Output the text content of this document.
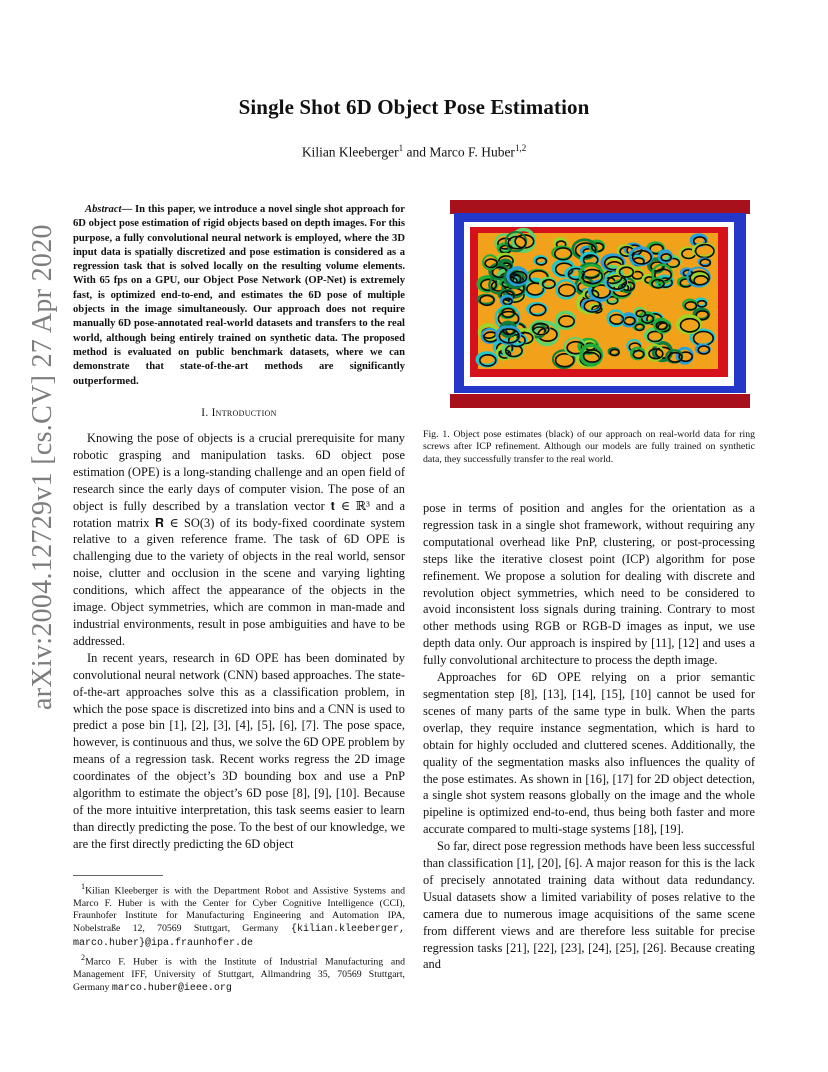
Single Shot 6D Object Pose Estimation
Kilian Kleeberger$^1$ and Marco F. Huber$^{1,2}$
arXiv:2004.12729v1 [cs.CV] 27 Apr 2020
Abstract— In this paper, we introduce a novel single shot approach for 6D object pose estimation of rigid objects based on depth images. For this purpose, a fully convolutional neural network is employed, where the 3D input data is spatially discretized and pose estimation is considered as a regression task that is solved locally on the resulting volume elements. With 65 fps on a GPU, our Object Pose Network (OP-Net) is extremely fast, is optimized end-to-end, and estimates the 6D pose of multiple objects in the image simultaneously. Our approach does not require manually 6D pose-annotated real-world datasets and transfers to the real world, although being entirely trained on synthetic data. The proposed method is evaluated on public benchmark datasets, where we can demonstrate that state-of-the-art methods are significantly outperformed.
I. Introduction

Knowing the pose of objects is a crucial prerequisite for many robotic grasping and manipulation tasks. 6D object pose estimation (OPE) is a long-standing challenge and an open field of research since the early days of computer vision. The pose of an object is fully described by a translation vector 𝐭 ∈ ℝ³ and a rotation matrix 𝐑 ∈ SO(3) of its body-fixed coordinate system relative to a given reference frame. The task of 6D OPE is challenging due to the variety of objects in the real world, sensor noise, clutter and occlusion in the scene and varying lighting conditions, which affect the appearance of the objects in the image. Object symmetries, which are common in man-made and industrial environments, result in pose ambiguities and have to be addressed.

In recent years, research in 6D OPE has been dominated by convolutional neural network (CNN) based approaches. The state-of-the-art approaches solve this as a classification problem, in which the pose space is discretized into bins and a CNN is used to predict a pose bin [1], [2], [3], [4], [5], [6], [7]. The pose space, however, is continuous and thus, we solve the 6D OPE problem by means of a regression task. Recent works regress the 2D image coordinates of the object’s 3D bounding box and use a PnP algorithm to estimate the object’s 6D pose [8], [9], [10]. Because of the more intuitive interpretation, this task seems easier to learn than directly predicting the pose. To the best of our knowledge, we are the first directly predicting the 6D object

$^1$Kilian Kleeberger is with the Department Robot and Assistive Systems and Marco F. Huber is with the Center for Cyber Cognitive Intelligence (CCI), Fraunhofer Institute for Manufacturing Engineering and Automation IPA, Nobelstraße 12, 70569 Stuttgart, Germany {kilian.kleeberger, marco.huber}@ipa.fraunhofer.de

$^2$Marco F. Huber is with the Institute of Industrial Manufacturing and Management IFF, University of Stuttgart, Allmandring 35, 70569 Stuttgart, Germany marco.huber@ieee.org

Fig. 1. Object pose estimates (black) of our approach on real-world data for ring screws after ICP refinement. Although our models are fully trained on synthetic data, they successfully transfer to the real world.

pose in terms of position and angles for the orientation as a regression task in a single shot framework, without requiring any computational overhead like PnP, clustering, or post-processing steps like the iterative closest point (ICP) algorithm for pose refinement. We propose a solution for dealing with discrete and revolution object symmetries, which need to be considered to avoid inconsistent loss signals during training. Contrary to most other methods using RGB or RGB-D images as input, we use depth data only. Our approach is inspired by [11], [12] and uses a fully convolutional architecture to process the depth image.

Approaches for 6D OPE relying on a prior semantic segmentation step [8], [13], [14], [15], [10] cannot be used for scenes of many parts of the same type in bulk. When the parts overlap, they require instance segmentation, which is hard to obtain for highly occluded and cluttered scenes. Additionally, the quality of the segmentation masks also influences the quality of the pose estimates. As shown in [16], [17] for 2D object detection, a single shot system reasons globally on the image and the whole pipeline is optimized end-to-end, thus being both faster and more accurate compared to multi-stage systems [18], [19].

So far, direct pose regression methods have been less successful than classification [1], [20], [6]. A major reason for this is the lack of precisely annotated training data without data redundancy. Usual datasets show a limited variability of poses relative to the camera due to numerous image acquisitions of the same scene from different views and are therefore less suitable for precise regression tasks [21], [22], [23], [24], [25], [26]. Because creating and
